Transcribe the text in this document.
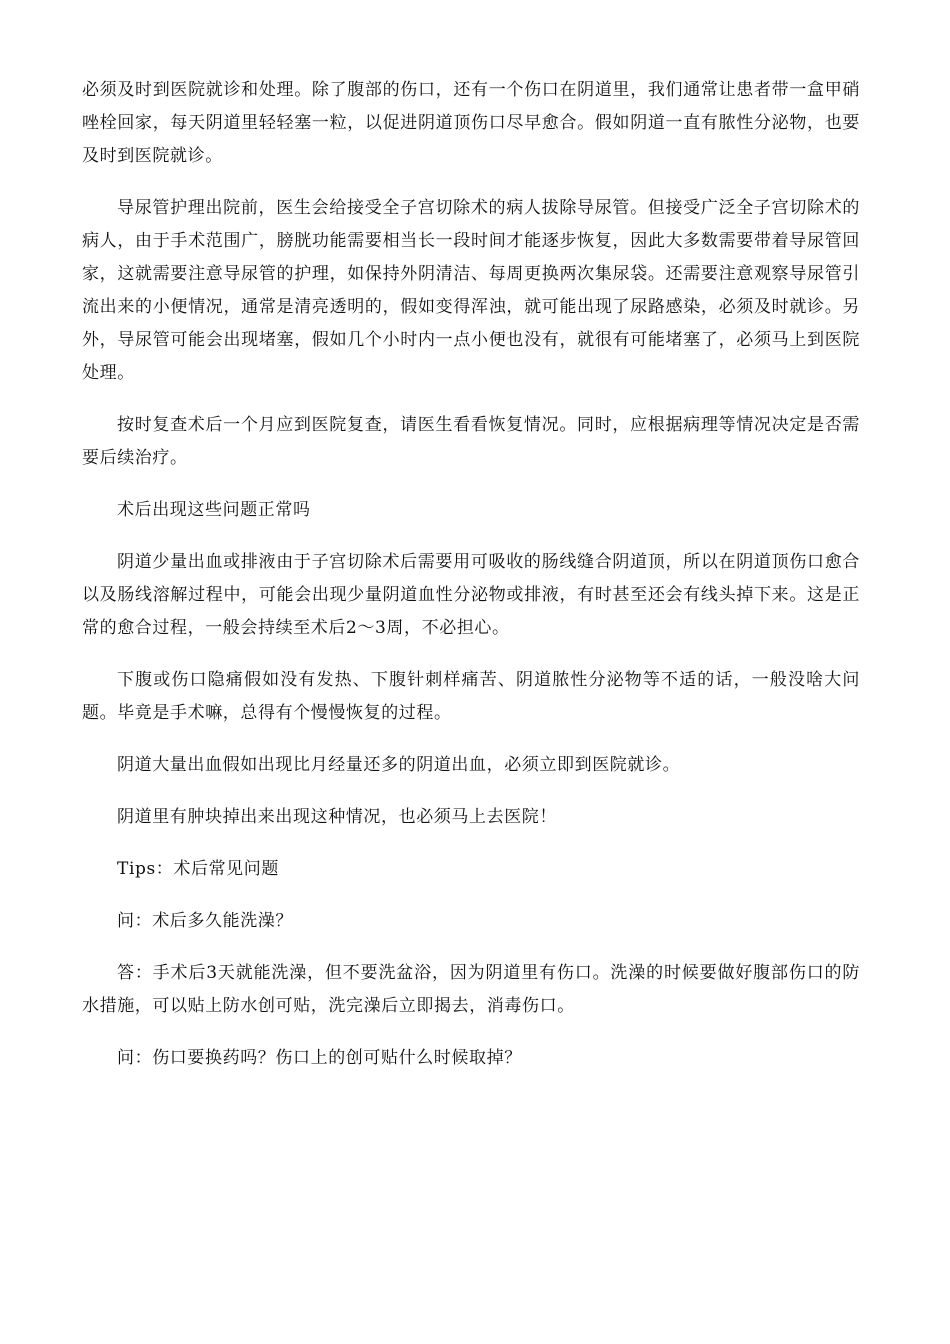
必须及时到医院就诊和处理。除了腹部的伤口，还有一个伤口在阴道里，我们通常让患者带一盒甲硝唑栓回家，每天阴道里轻轻塞一粒，以促进阴道顶伤口尽早愈合。假如阴道一直有脓性分泌物，也要及时到医院就诊。

导尿管护理出院前，医生会给接受全子宫切除术的病人拔除导尿管。但接受广泛全子宫切除术的病人，由于手术范围广，膀胱功能需要相当长一段时间才能逐步恢复，因此大多数需要带着导尿管回家，这就需要注意导尿管的护理，如保持外阴清洁、每周更换两次集尿袋。还需要注意观察导尿管引流出来的小便情况，通常是清亮透明的，假如变得浑浊，就可能出现了尿路感染，必须及时就诊。另外，导尿管可能会出现堵塞，假如几个小时内一点小便也没有，就很有可能堵塞了，必须马上到医院处理。

按时复查术后一个月应到医院复查，请医生看看恢复情况。同时，应根据病理等情况决定是否需要后续治疗。

术后出现这些问题正常吗

阴道少量出血或排液由于子宫切除术后需要用可吸收的肠线缝合阴道顶，所以在阴道顶伤口愈合以及肠线溶解过程中，可能会出现少量阴道血性分泌物或排液，有时甚至还会有线头掉下来。这是正常的愈合过程，一般会持续至术后2～3周，不必担心。

下腹或伤口隐痛假如没有发热、下腹针刺样痛苦、阴道脓性分泌物等不适的话，一般没啥大问题。毕竟是手术嘛，总得有个慢慢恢复的过程。

阴道大量出血假如出现比月经量还多的阴道出血，必须立即到医院就诊。

阴道里有肿块掉出来出现这种情况，也必须马上去医院！

Tips：术后常见问题

问：术后多久能洗澡？

答：手术后3天就能洗澡，但不要洗盆浴，因为阴道里有伤口。洗澡的时候要做好腹部伤口的防水措施，可以贴上防水创可贴，洗完澡后立即揭去，消毒伤口。

问：伤口要换药吗？伤口上的创可贴什么时候取掉？
